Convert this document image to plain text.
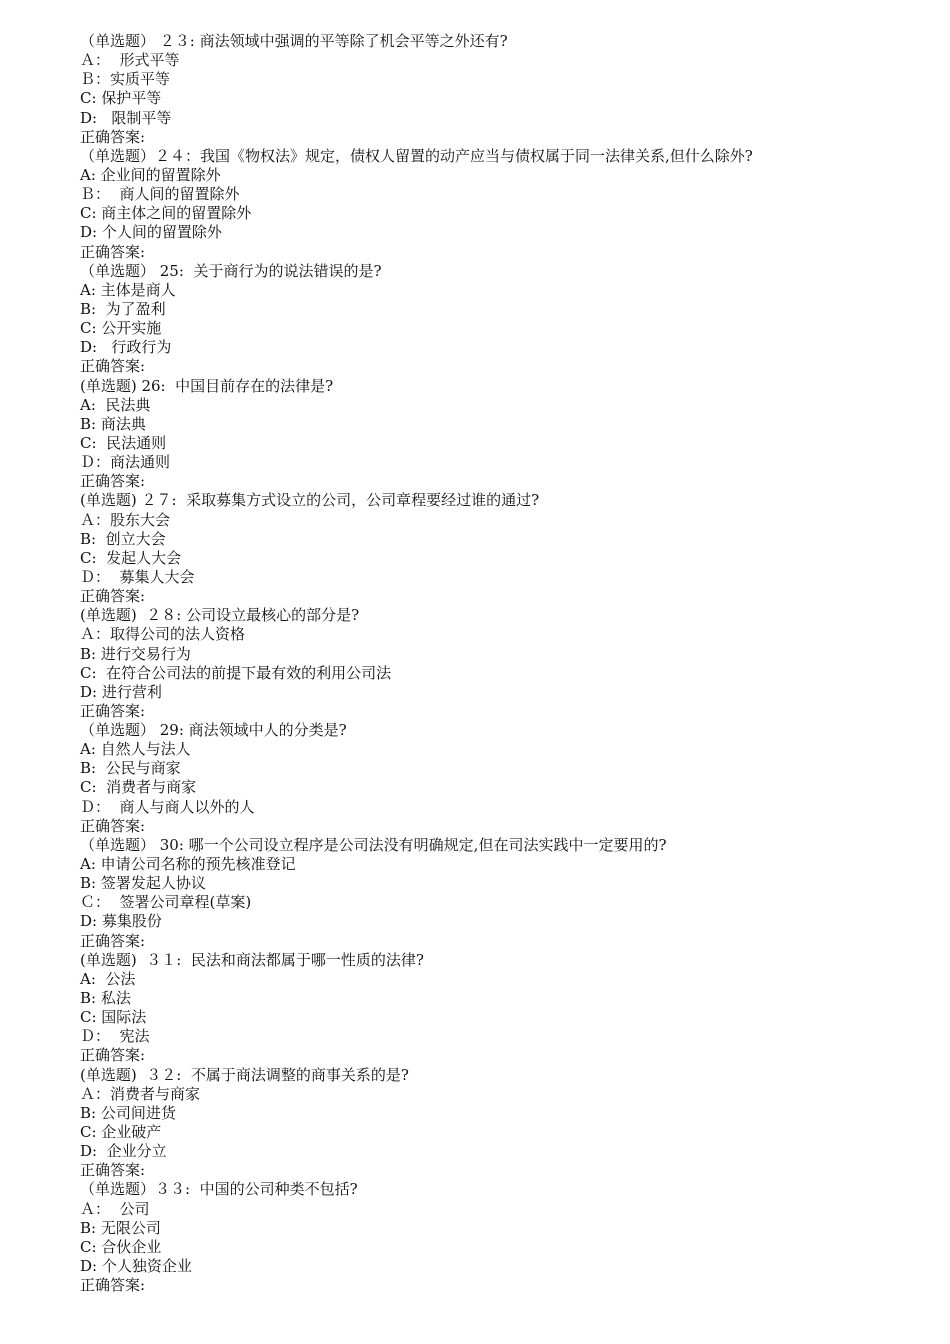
（单选题） ２３: 商法领域中强调的平等除了机会平等之外还有?
Ａ：  形式平等
Ｂ：实质平等
C: 保护平等
D:   限制平等
正确答案:
（单选题）２４：我国《物权法》规定，债权人留置的动产应当与债权属于同一法律关系,但什么除外?
A: 企业间的留置除外
Ｂ：  商人间的留置除外
C: 商主体之间的留置除外
D: 个人间的留置除外
正确答案:
（单选题） 25:  关于商行为的说法错误的是?
A: 主体是商人
B:  为了盈利
C: 公开实施
D:   行政行为
正确答案:
(单选题) 26:  中国目前存在的法律是?
A:  民法典
B: 商法典
C:  民法通则
Ｄ：商法通则
正确答案:
(单选题) ２７:  采取募集方式设立的公司，公司章程要经过谁的通过?
Ａ：股东大会
B:  创立大会
C:  发起人大会
Ｄ：  募集人大会
正确答案:
(单选题)  ２８: 公司设立最核心的部分是?
Ａ：取得公司的法人资格
B: 进行交易行为
C:  在符合公司法的前提下最有效的利用公司法
D: 进行营利
正确答案:
（单选题） 29: 商法领域中人的分类是?
A: 自然人与法人
B:  公民与商家
C:  消费者与商家
Ｄ：  商人与商人以外的人
正确答案:
（单选题） 30: 哪一个公司设立程序是公司法没有明确规定,但在司法实践中一定要用的?
A: 申请公司名称的预先核准登记
B: 签署发起人协议
Ｃ：  签署公司章程(草案)
D: 募集股份
正确答案:
(单选题)  ３１:  民法和商法都属于哪一性质的法律?
A:  公法
B: 私法
C: 国际法
Ｄ：  宪法
正确答案:
(单选题)  ３２:  不属于商法调整的商事关系的是?
Ａ：消费者与商家
B: 公司间进货
C: 企业破产
D:  企业分立
正确答案:
（单选题）３３:  中国的公司种类不包括?
Ａ：  公司
B: 无限公司
C: 合伙企业
D: 个人独资企业
正确答案:
